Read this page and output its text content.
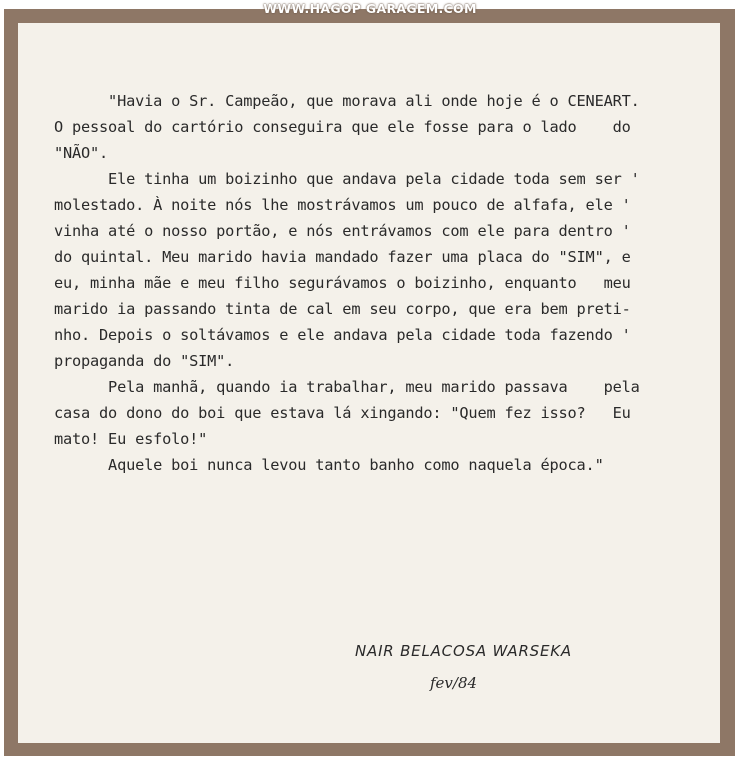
WWW.HAGOP GARAGEM.COM
"Havia o Sr. Campeão, que morava ali onde hoje é o CENEART.
O pessoal do cartório conseguira que ele fosse para o lado    do
"NÃO".
Ele tinha um boizinho que andava pela cidade toda sem ser '
molestado. À noite nós lhe mostrávamos um pouco de alfafa, ele '
vinha até o nosso portão, e nós entrávamos com ele para dentro '
do quintal. Meu marido havia mandado fazer uma placa do "SIM", e
eu, minha mãe e meu filho segurávamos o boizinho, enquanto   meu
marido ia passando tinta de cal em seu corpo, que era bem preti-
nho. Depois o soltávamos e ele andava pela cidade toda fazendo '
propaganda do "SIM".
Pela manhã, quando ia trabalhar, meu marido passava    pela
casa do dono do boi que estava lá xingando: "Quem fez isso?   Eu
mato! Eu esfolo!"
Aquele boi nunca levou tanto banho como naquela época."
NAIR BELACOSA WARSEKA
fev/84
